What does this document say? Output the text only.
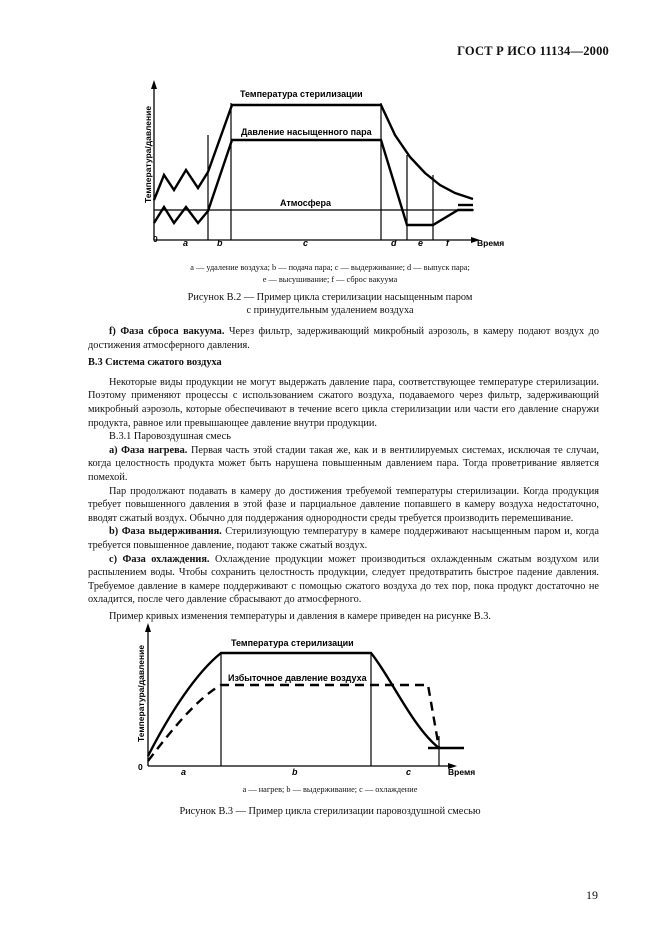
ГОСТ Р ИСО 11134—2000
Температура стерилизации
Давление насыщенного пара
Атмосфера
Температура/давление
0	Время
a	b	c	d e	f
a — удаление воздуха; b — подача пара; c — выдерживание; d — выпуск пара;
e — высушивание; f — сброс вакуума
Рисунок В.2 — Пример цикла стерилизации насыщенным паром
с принудительным удалением воздуха

f) Фаза сброса вакуума. Через фильтр, задерживающий микробный аэрозоль, в камеру подают воздух до достижения атмосферного давления.

В.3 Система сжатого воздуха

Некоторые виды продукции не могут выдержать давление пара, соответствующее температуре стерилизации. Поэтому применяют процессы с использованием сжатого воздуха, подаваемого через фильтр, задерживающий микробный аэрозоль, которые обеспечивают в течение всего цикла стерилизации или части его давление снаружи продукта, равное или превышающее давление внутри продукции.

В.3.1 Паровоздушная смесь

а) Фаза нагрева. Первая часть этой стадии такая же, как и в вентилируемых системах, исключая те случаи, когда целостность продукта может быть нарушена повышенным давлением пара. Тогда проветривание является помехой.

Пар продолжают подавать в камеру до достижения требуемой температуры стерилизации. Когда продукция требует повышенного давления в этой фазе и парциальное давление попавшего в камеру воздуха недостаточно, вводят сжатый воздух. Обычно для поддержания однородности среды требуется производить перемешивание.

b) Фаза выдерживания. Стерилизующую температуру в камере поддерживают насыщенным паром и, когда требуется повышенное давление, подают также сжатый воздух.

c) Фаза охлаждения. Охлаждение продукции может производиться охлажденным сжатым воздухом или распылением воды. Чтобы сохранить целостность продукции, следует предотвратить быстрое падение давления. Требуемое давление в камере поддерживают с помощью сжатого воздуха до тех пор, пока продукт достаточно не охладится, после чего давление сбрасывают до атмосферного.

Пример кривых изменения температуры и давления в камере приведен на рисунке В.3.

Температура стерилизации
Избыточное давление воздуха
Температура/давление
0	Время
a	b	c
a — нагрев; b — выдерживание; c — охлаждение
Рисунок В.3 — Пример цикла стерилизации паровоздушной смесью
19
